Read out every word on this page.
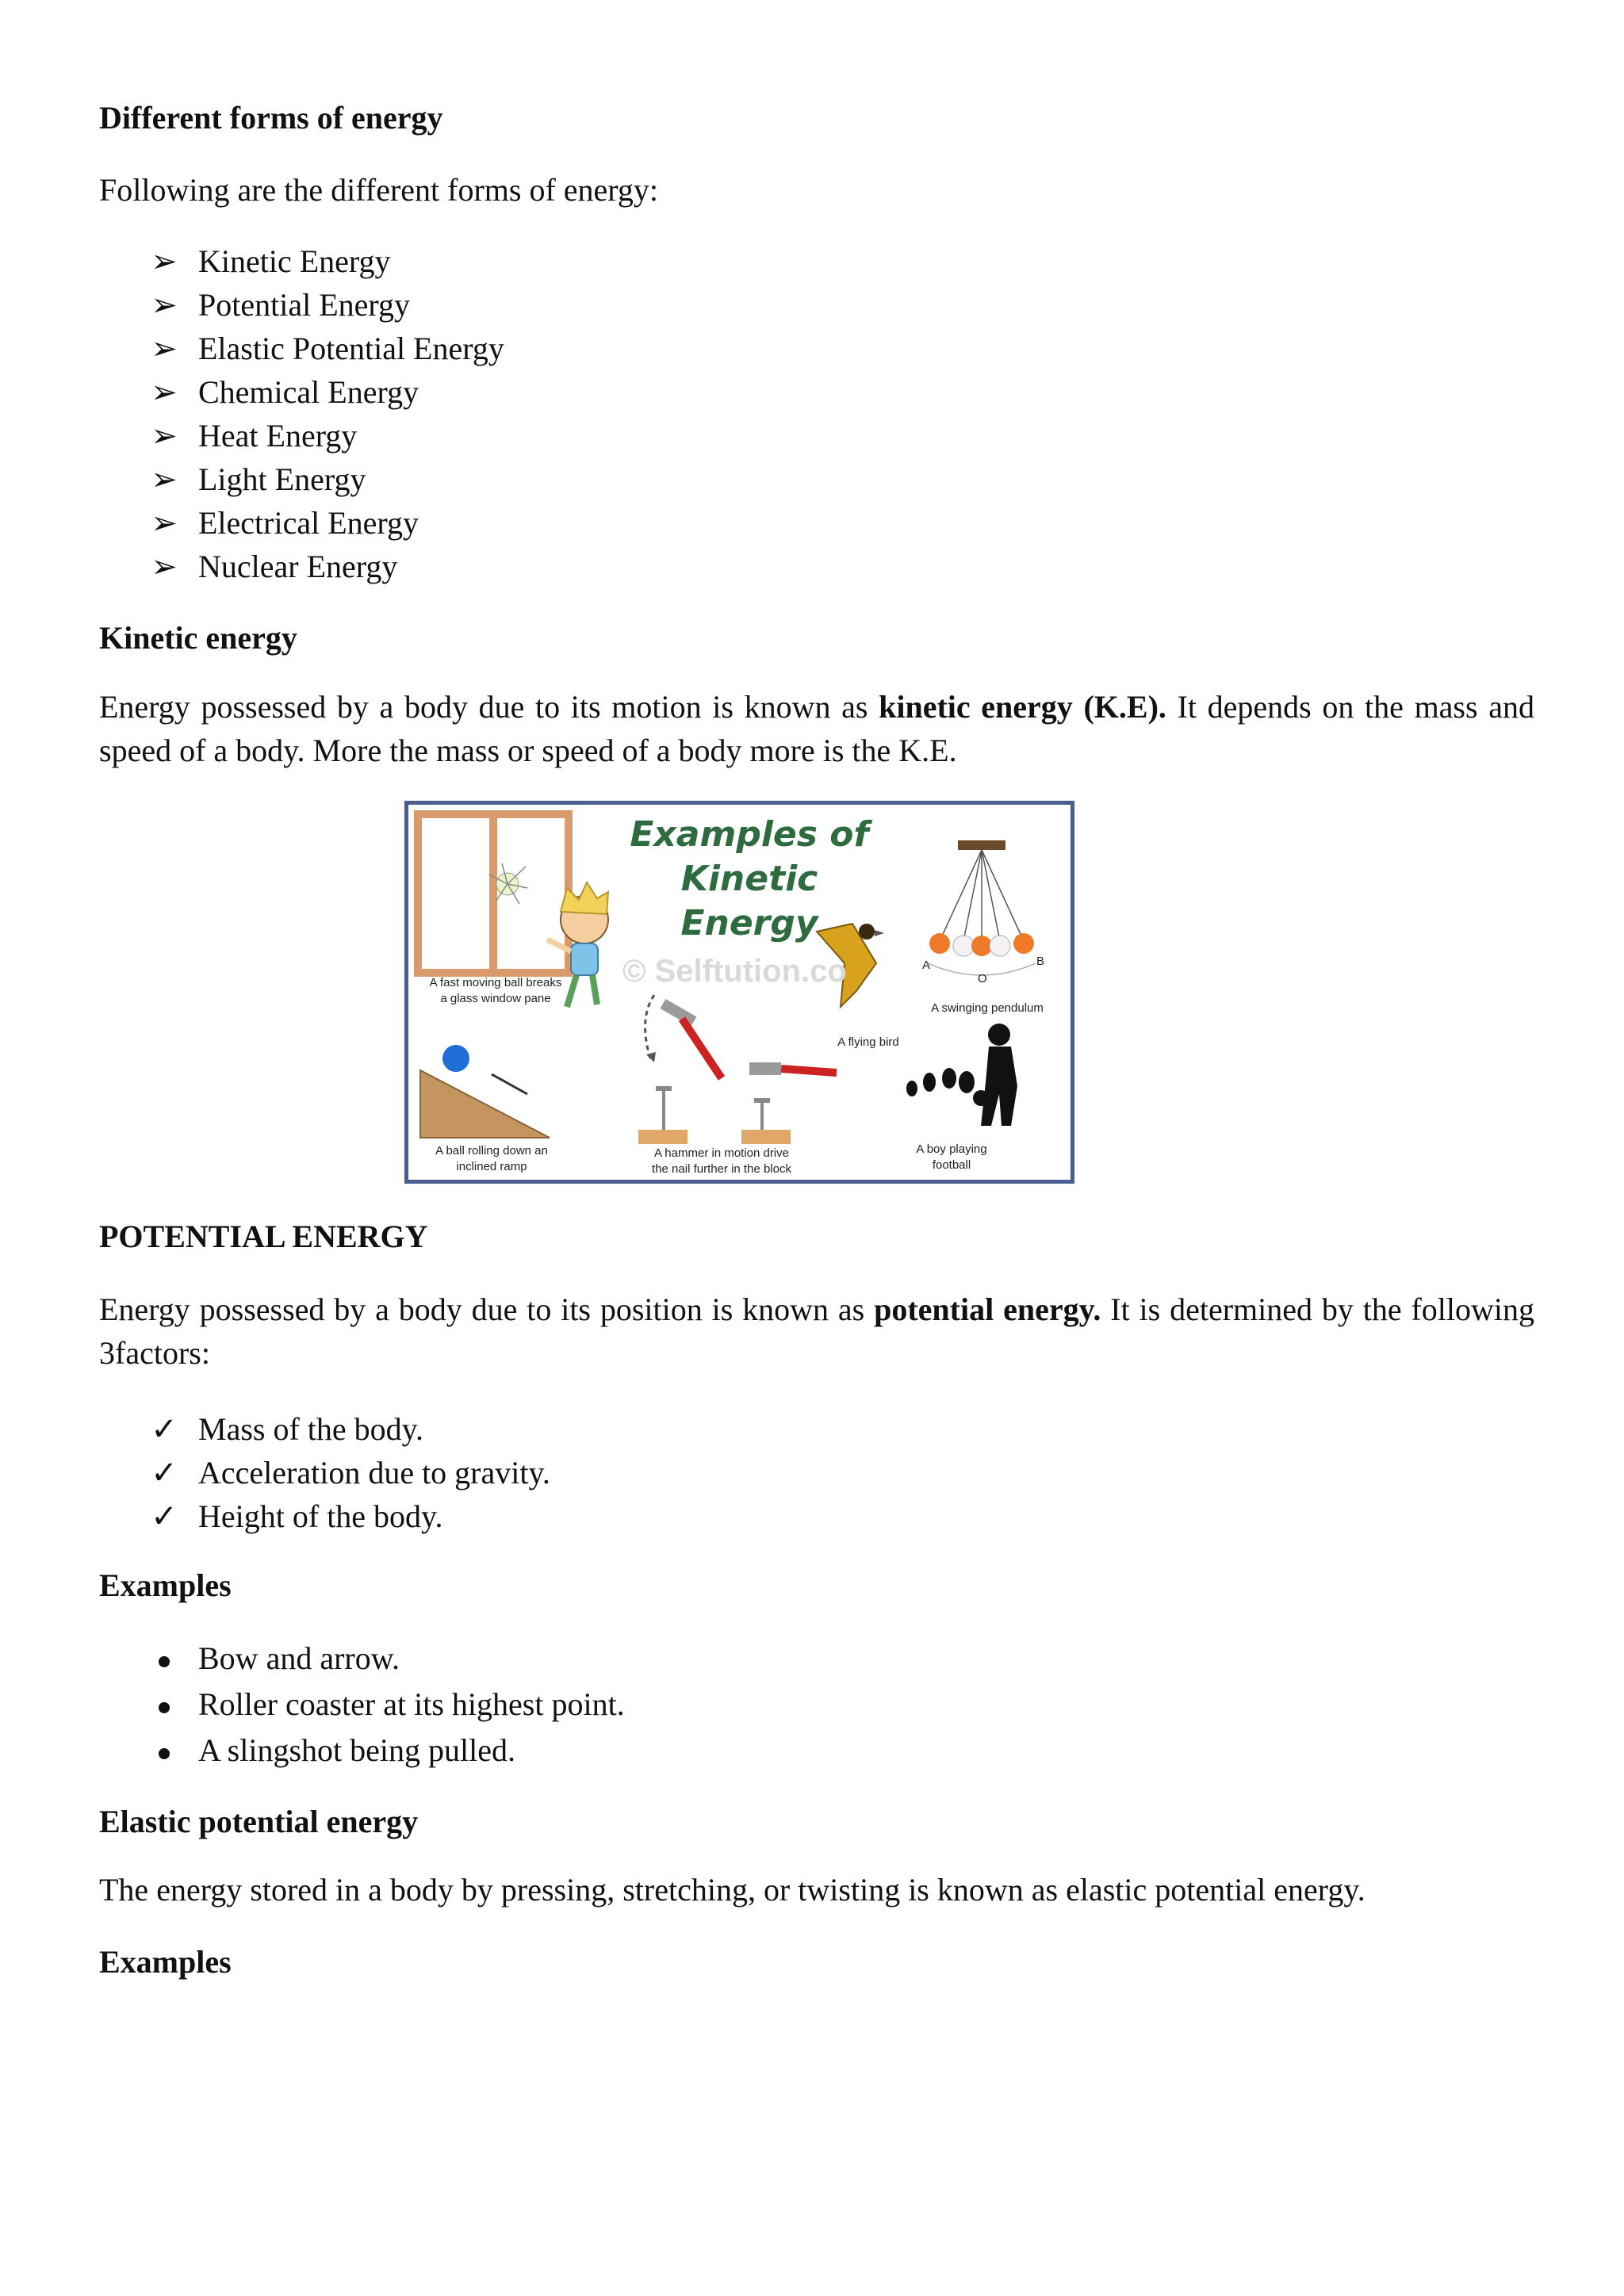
Different forms of energy

Following are the different forms of energy:

➢ Kinetic Energy
➢ Potential Energy
➢ Elastic Potential Energy
➢ Chemical Energy
➢ Heat Energy
➢ Light Energy
➢ Electrical Energy
➢ Nuclear Energy
Kinetic energy

Energy possessed by a body due to its motion is known as kinetic energy (K.E). It depends on the mass and speed of a body. More the mass or speed of a body more is the K.E.

Examples of
Kinetic Energy
© Selftution.co
A fast moving ball breaks
a glass window pane
A	B
O
A swinging pendulum
A flying bird
A ball rolling down an
inclined ramp
A hammer in motion drive
the nail further in the block
A boy playing
football
POTENTIAL ENERGY

Energy possessed by a body due to its position is known as potential energy. It is determined by the following 3factors:

✓ Mass of the body.
✓ Acceleration due to gravity.
✓ Height of the body.
Examples
Bow and arrow.
Roller coaster at its highest point.
A slingshot being pulled.
Elastic potential energy

The energy stored in a body by pressing, stretching, or twisting is known as elastic potential energy.

Examples
